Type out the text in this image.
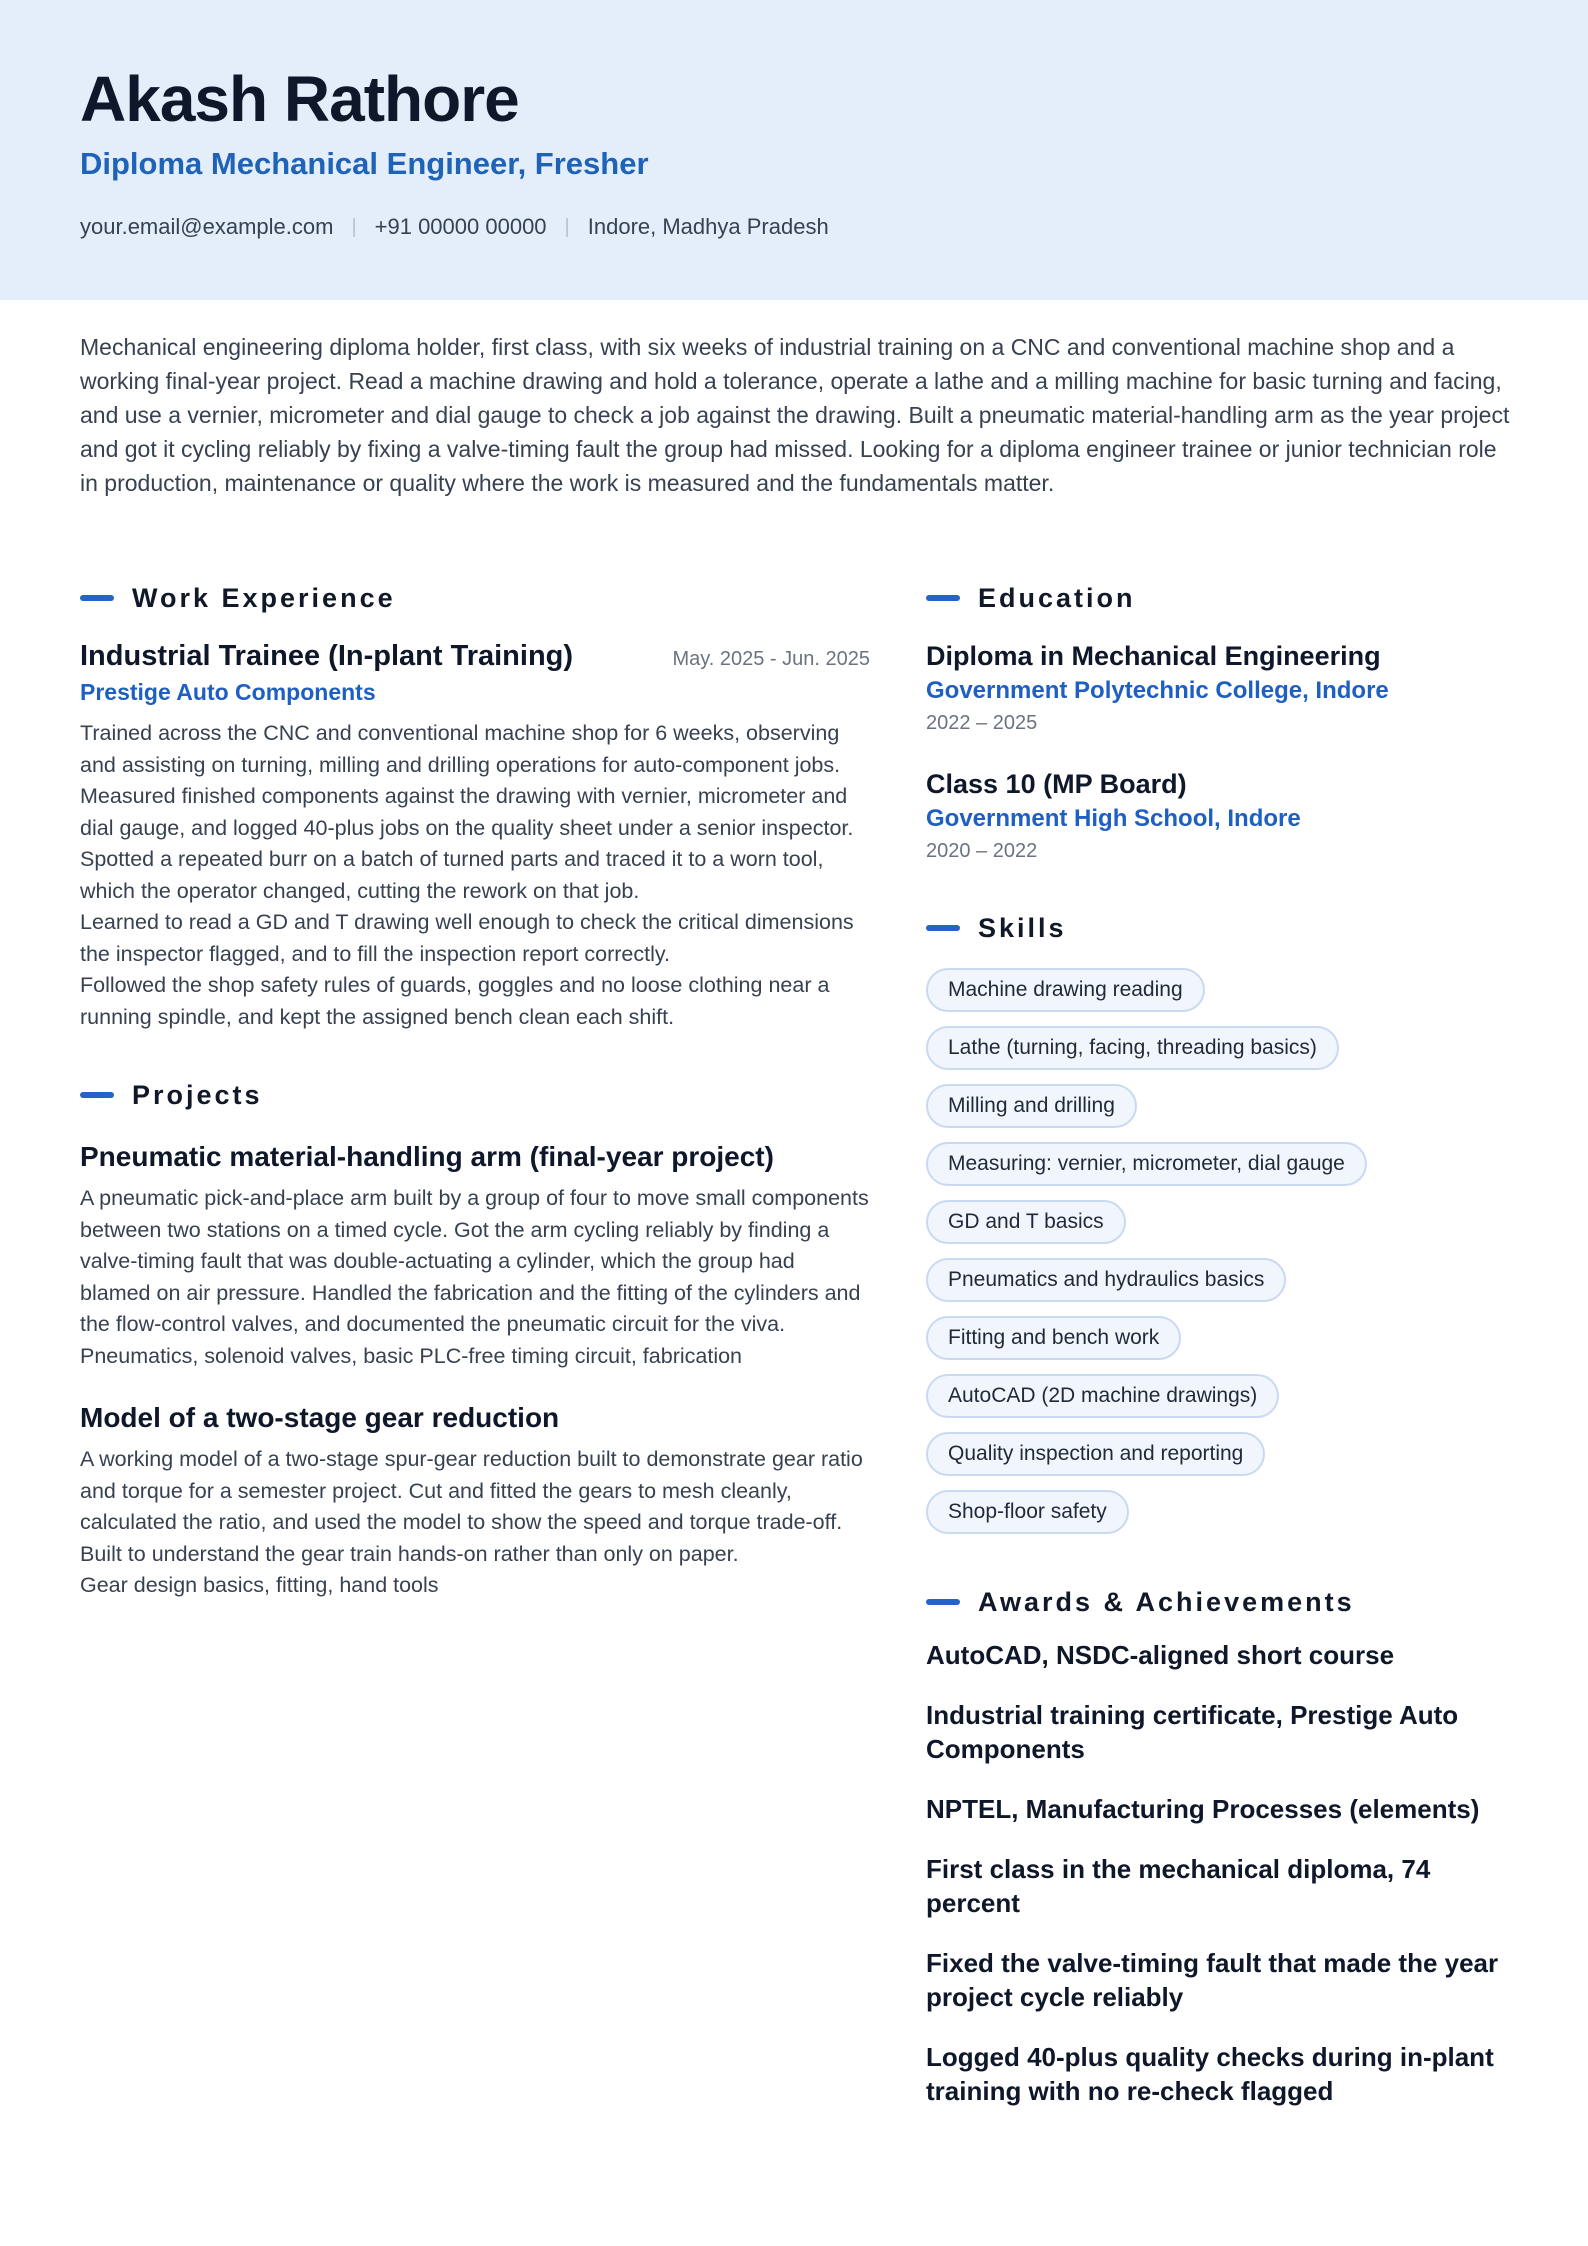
Akash Rathore
Diploma Mechanical Engineer, Fresher
your.email@example.com | +91 00000 00000 | Indore, Madhya Pradesh

Mechanical engineering diploma holder, first class, with six weeks of industrial training on a CNC and conventional machine shop and a working final-year project. Read a machine drawing and hold a tolerance, operate a lathe and a milling machine for basic turning and facing, and use a vernier, micrometer and dial gauge to check a job against the drawing. Built a pneumatic material-handling arm as the year project and got it cycling reliably by fixing a valve-timing fault the group had missed. Looking for a diploma engineer trainee or junior technician role in production, maintenance or quality where the work is measured and the fundamentals matter.

Work Experience
Industrial Trainee (In-plant Training)	May. 2025 - Jun. 2025
Prestige Auto Components
Trained across the CNC and conventional machine shop for 6 weeks, observing and assisting on turning, milling and drilling operations for auto-component jobs.
Measured finished components against the drawing with vernier, micrometer and dial gauge, and logged 40-plus jobs on the quality sheet under a senior inspector.
Spotted a repeated burr on a batch of turned parts and traced it to a worn tool, which the operator changed, cutting the rework on that job.
Learned to read a GD and T drawing well enough to check the critical dimensions the inspector flagged, and to fill the inspection report correctly.
Followed the shop safety rules of guards, goggles and no loose clothing near a running spindle, and kept the assigned bench clean each shift.
Projects
Pneumatic material-handling arm (final-year project)
A pneumatic pick-and-place arm built by a group of four to move small components between two stations on a timed cycle. Got the arm cycling reliably by finding a valve-timing fault that was double-actuating a cylinder, which the group had blamed on air pressure. Handled the fabrication and the fitting of the cylinders and the flow-control valves, and documented the pneumatic circuit for the viva.
Pneumatics, solenoid valves, basic PLC-free timing circuit, fabrication
Model of a two-stage gear reduction
A working model of a two-stage spur-gear reduction built to demonstrate gear ratio and torque for a semester project. Cut and fitted the gears to mesh cleanly, calculated the ratio, and used the model to show the speed and torque trade-off. Built to understand the gear train hands-on rather than only on paper.
Gear design basics, fitting, hand tools
Education
Diploma in Mechanical Engineering
Government Polytechnic College, Indore
2022 – 2025
Class 10 (MP Board)
Government High School, Indore
2020 – 2022
Skills
Machine drawing reading
Lathe (turning, facing, threading basics)
Milling and drilling
Measuring: vernier, micrometer, dial gauge
GD and T basics
Pneumatics and hydraulics basics
Fitting and bench work
AutoCAD (2D machine drawings)
Quality inspection and reporting
Shop-floor safety
Awards & Achievements
AutoCAD, NSDC-aligned short course
Industrial training certificate, Prestige Auto Components
NPTEL, Manufacturing Processes (elements)
First class in the mechanical diploma, 74 percent
Fixed the valve-timing fault that made the year project cycle reliably
Logged 40-plus quality checks during in-plant training with no re-check flagged
